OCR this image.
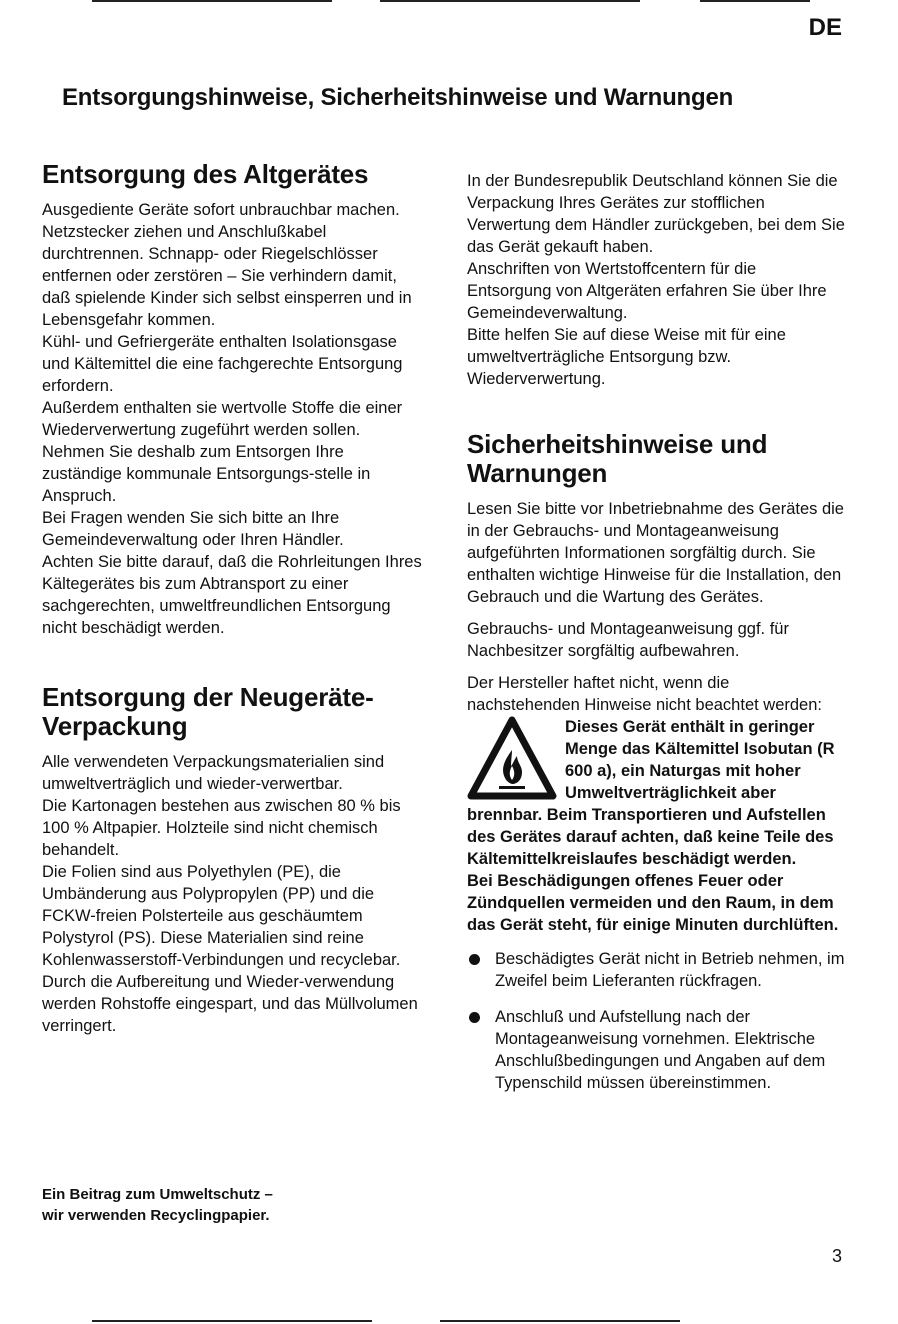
DE
Entsorgungshinweise, Sicherheitshinweise und Warnungen
Entsorgung des Altgerätes

Ausgediente Geräte sofort unbrauchbar machen. Netzstecker ziehen und Anschlußkabel durchtrennen. Schnapp- oder Riegelschlösser entfernen oder zerstören – Sie verhindern damit, daß spielende Kinder sich selbst einsperren und in Lebensgefahr kommen.

Kühl- und Gefriergeräte enthalten Isolationsgase und Kältemittel die eine fachgerechte Entsorgung erfordern.

Außerdem enthalten sie wertvolle Stoffe die einer Wiederverwertung zugeführt werden sollen. Nehmen Sie deshalb zum Entsorgen Ihre zuständige kommunale Entsorgungs-stelle in Anspruch.

Bei Fragen wenden Sie sich bitte an Ihre Gemeindeverwaltung oder Ihren Händler.

Achten Sie bitte darauf, daß die Rohrleitungen Ihres Kältegerätes bis zum Abtransport zu einer sachgerechten, umweltfreundlichen Entsorgung nicht beschädigt werden.

Entsorgung der Neugeräte-Verpackung

Alle verwendeten Verpackungsmaterialien sind umweltverträglich und wieder-verwertbar.

Die Kartonagen bestehen aus zwischen 80 % bis 100 % Altpapier. Holzteile sind nicht chemisch behandelt.

Die Folien sind aus Polyethylen (PE), die Umbänderung aus Polypropylen (PP) und die FCKW-freien Polsterteile aus geschäumtem Polystyrol (PS). Diese Materialien sind reine Kohlenwasserstoff-Verbindungen und recyclebar.

Durch die Aufbereitung und Wieder-verwendung werden Rohstoffe eingespart, und das Müllvolumen verringert.

In der Bundesrepublik Deutschland können Sie die Verpackung Ihres Gerätes zur stofflichen Verwertung dem Händler zurückgeben, bei dem Sie das Gerät gekauft haben.

Anschriften von Wertstoffcentern für die Entsorgung von Altgeräten erfahren Sie über Ihre Gemeindeverwaltung.

Bitte helfen Sie auf diese Weise mit für eine umweltverträgliche Entsorgung bzw. Wiederverwertung.

Sicherheitshinweise und Warnungen

Lesen Sie bitte vor Inbetriebnahme des Gerätes die in der Gebrauchs- und Montageanweisung aufgeführten Informationen sorgfältig durch. Sie enthalten wichtige Hinweise für die Installation, den Gebrauch und die Wartung des Gerätes.

Gebrauchs- und Montageanweisung ggf. für Nachbesitzer sorgfältig aufbewahren.

Der Hersteller haftet nicht, wenn die nachstehenden Hinweise nicht beachtet werden:

Dieses Gerät enthält in geringer Menge das Kältemittel Isobutan (R 600 a), ein Naturgas mit hoher Umweltverträglichkeit aber brennbar. Beim Transportieren und Aufstellen des Gerätes darauf achten, daß keine Teile des Kältemittelkreislaufes beschädigt werden.

Bei Beschädigungen offenes Feuer oder Zündquellen vermeiden und den Raum, in dem das Gerät steht, für einige Minuten durchlüften.

Beschädigtes Gerät nicht in Betrieb nehmen, im Zweifel beim Lieferanten rückfragen.
Anschluß und Aufstellung nach der Montageanweisung vornehmen. Elektrische Anschlußbedingungen und Angaben auf dem Typenschild müssen übereinstimmen.
Ein Beitrag zum Umweltschutz –
wir verwenden Recyclingpapier.
3
